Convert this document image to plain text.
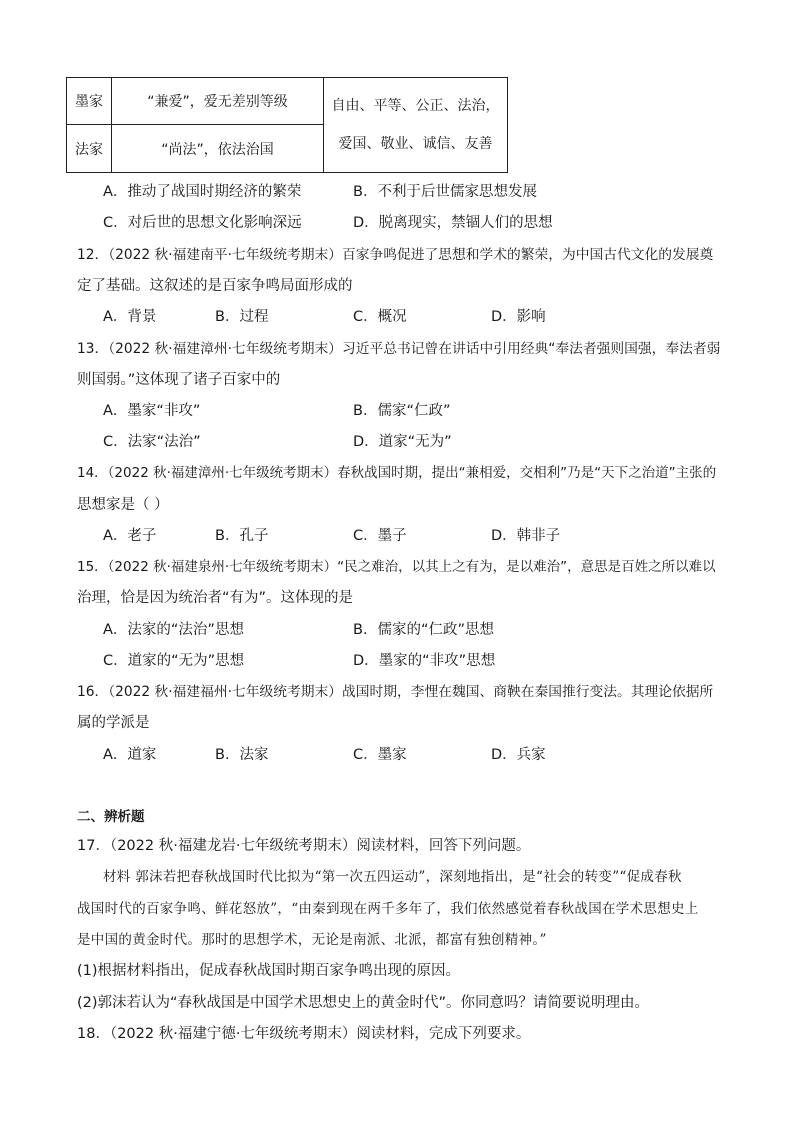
墨家	“兼爱”，爱无差别等级	自由、平等、公正、法治，
爱国、敬业、诚信、友善

法家	“尚法”，依法治国	
A．推动了战国时期经济的繁荣	B．不利于后世儒家思想发展
C．对后世的思想文化影响深远	D．脱离现实，禁锢人们的思想
12．（2022 秋·福建南平·七年级统考期末）百家争鸣促进了思想和学术的繁荣，为中国古代文化的发展奠
定了基础。这叙述的是百家争鸣局面形成的
A．背景	B．过程	C．概况	D．影响
13．（2022 秋·福建漳州·七年级统考期末）习近平总书记曾在讲话中引用经典“奉法者强则国强，奉法者弱
则国弱。”这体现了诸子百家中的
A．墨家“非攻”	B．儒家“仁政”
C．法家“法治”	D．道家“无为”
14．（2022 秋·福建漳州·七年级统考期末）春秋战国时期，提出“兼相爱，交相利”乃是“天下之治道”主张的
思想家是（ ）
A．老子	B．孔子	C．墨子	D．韩非子
15．（2022 秋·福建泉州·七年级统考期末）“民之难治，以其上之有为，是以难治”，意思是百姓之所以难以
治理，恰是因为统治者“有为”。这体现的是
A．法家的“法治”思想	B．儒家的“仁政”思想
C．道家的“无为”思想	D．墨家的“非攻”思想
16．（2022 秋·福建福州·七年级统考期末）战国时期，李悝在魏国、商鞅在秦国推行变法。其理论依据所
属的学派是
A．道家	B．法家	C．墨家	D．兵家
二、辨析题
17．（2022 秋·福建龙岩·七年级统考期末）阅读材料，回答下列问题。
材料 郭沫若把春秋战国时代比拟为“第一次五四运动”，深刻地指出，是“社会的转变”“促成春秋
战国时代的百家争鸣、鲜花怒放”，“由秦到现在两千多年了，我们依然感觉着春秋战国在学术思想史上
是中国的黄金时代。那时的思想学术，无论是南派、北派，都富有独创精神。”
(1)根据材料指出，促成春秋战国时期百家争鸣出现的原因。
(2)郭沫若认为“春秋战国是中国学术思想史上的黄金时代”。你同意吗？请简要说明理由。
18．（2022 秋·福建宁德·七年级统考期末）阅读材料，完成下列要求。
